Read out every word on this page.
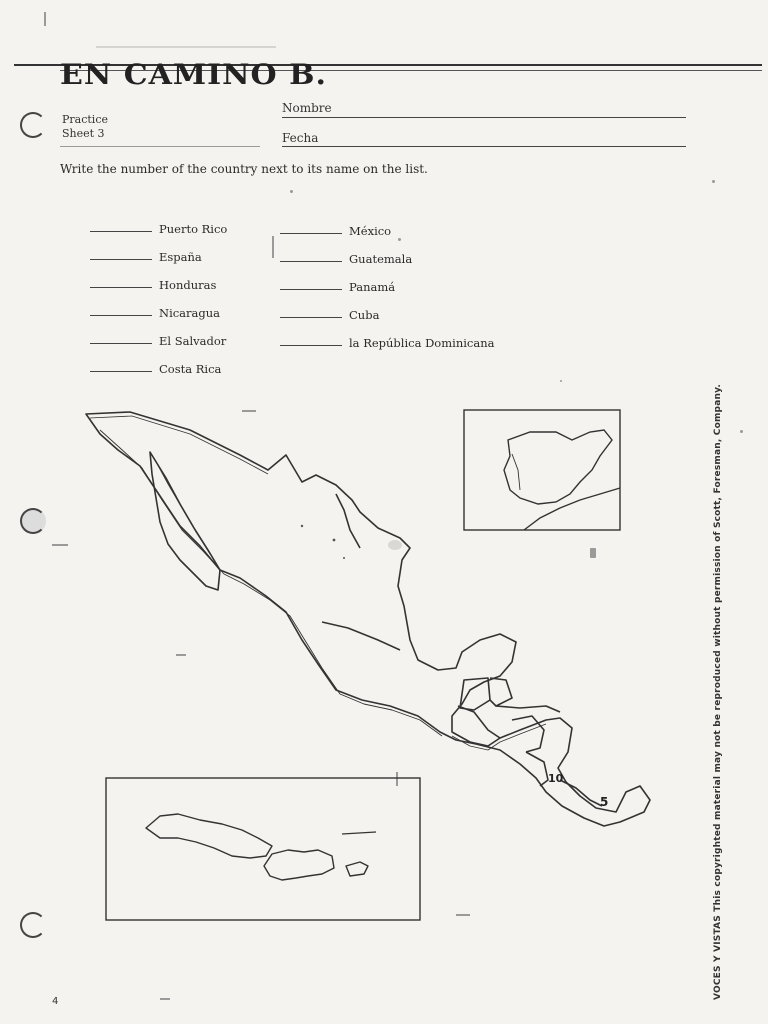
EN CAMINO B.
Practice
Sheet 3
Nombre
Fecha
Write the number of the country next to its name on the list.
Puerto Rico
España
Honduras
Nicaragua
El Salvador
Costa Rica
México
Guatemala
Panamá
Cuba
la República Dominicana
10
5	VOCES Y VISTAS This copyrighted material may not be reproduced without permission of Scott, Foresman, Company.
4
